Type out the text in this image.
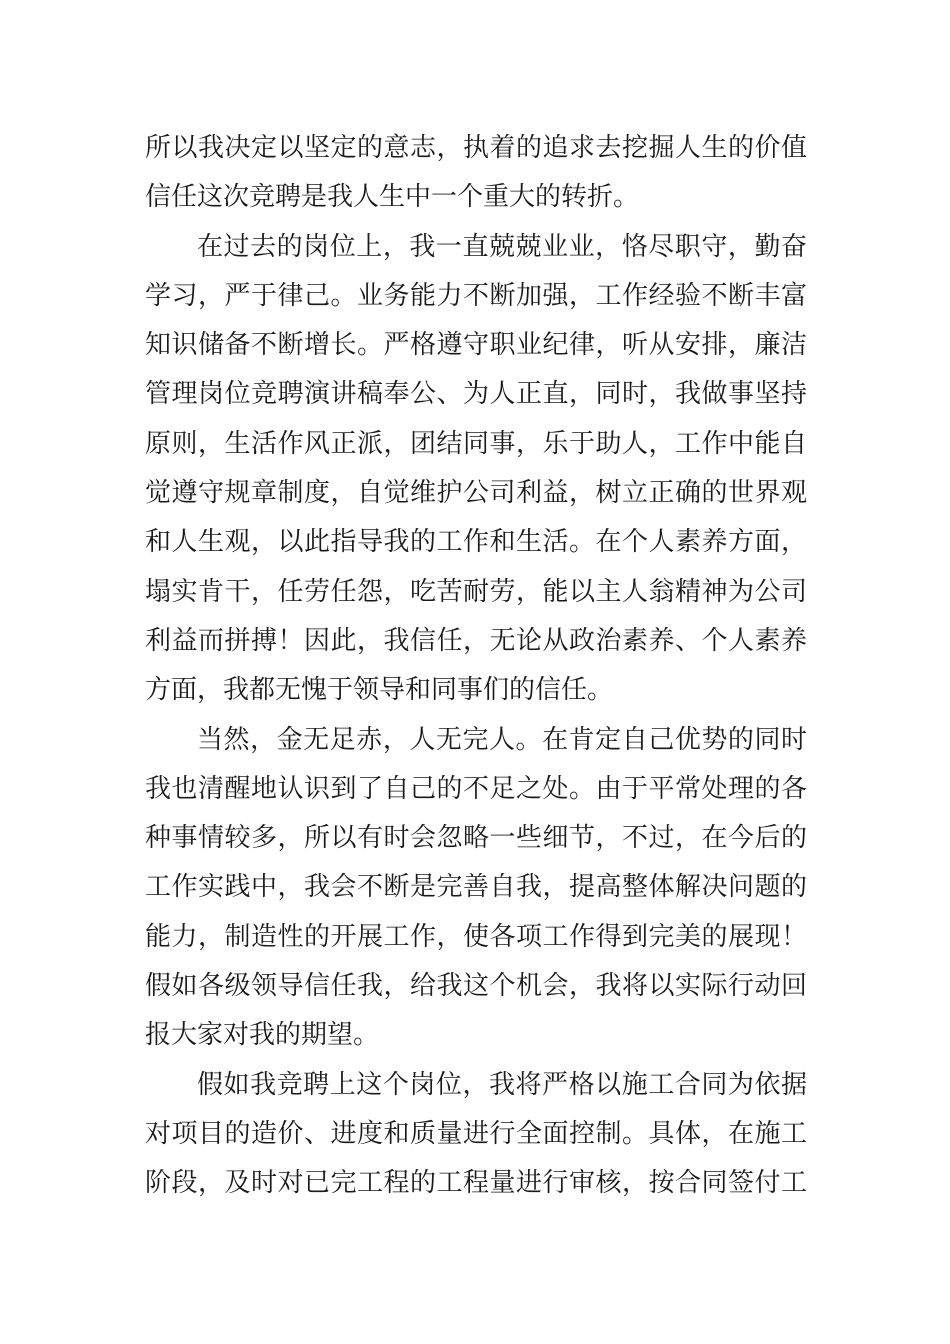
所以我决定以坚定的意志，执着的追求去挖掘人生的价值
信任这次竞聘是我人生中一个重大的转折。
在过去的岗位上，我一直兢兢业业，恪尽职守，勤奋
学习，严于律己。业务能力不断加强，工作经验不断丰富
知识储备不断增长。严格遵守职业纪律，听从安排，廉洁
管理岗位竞聘演讲稿奉公、为人正直，同时，我做事坚持
原则，生活作风正派，团结同事，乐于助人，工作中能自
觉遵守规章制度，自觉维护公司利益，树立正确的世界观
和人生观，以此指导我的工作和生活。在个人素养方面，
塌实肯干，任劳任怨，吃苦耐劳，能以主人翁精神为公司
利益而拼搏！因此，我信任，无论从政治素养、个人素养
方面，我都无愧于领导和同事们的信任。
当然，金无足赤，人无完人。在肯定自己优势的同时
我也清醒地认识到了自己的不足之处。由于平常处理的各
种事情较多，所以有时会忽略一些细节，不过，在今后的
工作实践中，我会不断是完善自我，提高整体解决问题的
能力，制造性的开展工作，使各项工作得到完美的展现！
假如各级领导信任我，给我这个机会，我将以实际行动回
报大家对我的期望。
假如我竞聘上这个岗位，我将严格以施工合同为依据
对项目的造价、进度和质量进行全面控制。具体，在施工
阶段，及时对已完工程的工程量进行审核，按合同签付工
